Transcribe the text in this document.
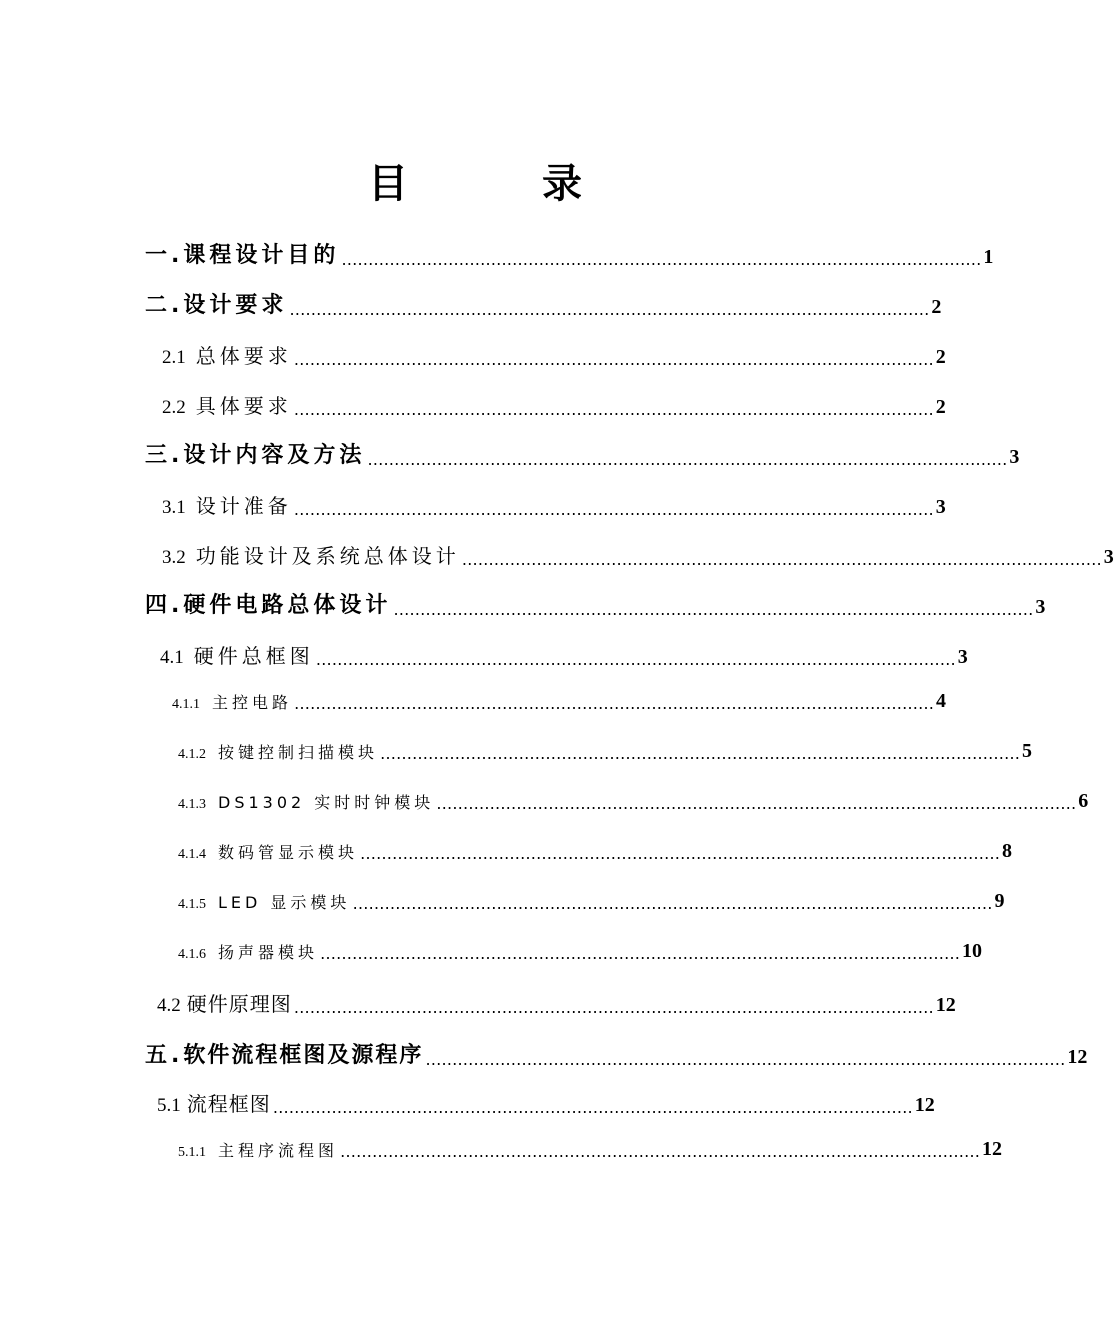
目 录
一. 课程设计目的 ………………………………………………………………………………………………………… 1
二. 设计要求 ………………………………………………………………………………………………………… 2
2.1 总体要求 ………………………………………………………………………………………………………… 2
2.2 具体要求 ………………………………………………………………………………………………………… 2
三. 设计内容及方法 ………………………………………………………………………………………………………… 3
3.1 设计准备 ………………………………………………………………………………………………………… 3
3.2 功能设计及系统总体设计 ………………………………………………………………………………………………………… 3
四. 硬件电路总体设计 ………………………………………………………………………………………………………… 3
4.1 硬件总框图 ………………………………………………………………………………………………………… 3
4.1.1 主控电路 ………………………………………………………………………………………………………… 4
4.1.2 按键控制扫描模块 ………………………………………………………………………………………………………… 5
4.1.3 DS1302 实时时钟模块 ………………………………………………………………………………………………………… 6
4.1.4 数码管显示模块 ………………………………………………………………………………………………………… 8
4.1.5 LED 显示模块 ………………………………………………………………………………………………………… 9
4.1.6 扬声器模块 ………………………………………………………………………………………………………… 10
4.2 硬件原理图 ………………………………………………………………………………………………………… 12
五. 软件流程框图及源程序 ………………………………………………………………………………………………………… 12
5.1 流程框图 ………………………………………………………………………………………………………… 12
5.1.1 主程序流程图 ………………………………………………………………………………………………………… 12
